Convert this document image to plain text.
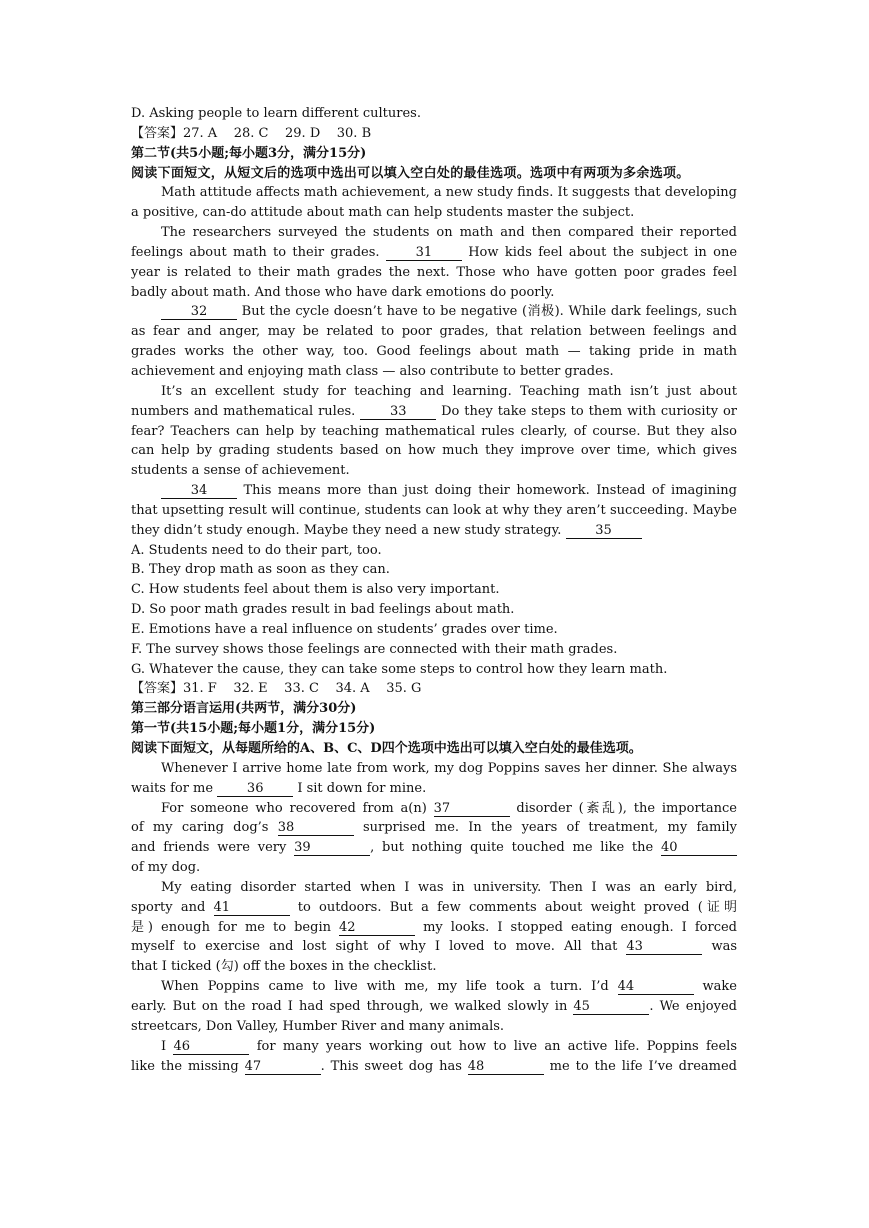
D. Asking people to learn different cultures.
【答案】27. A    28. C    29. D    30. B
第二节(共5小题;每小题3分，满分15分)
阅读下面短文，从短文后的选项中选出可以填入空白处的最佳选项。选项中有两项为多余选项。
Math attitude affects math achievement, a new study finds. It suggests that developing a positive, can-do attitude about math can help students master the subject.
The researchers surveyed the students on math and then compared their reported feelings about math to their grades.	31	How kids feel about the subject in one year is related to their math grades the next. Those who have gotten poor grades feel badly about math. And those who have dark emotions do poorly.
32	But the cycle doesn’t have to be negative (消极). While dark feelings, such as fear and anger, may be related to poor grades, that relation between feelings and grades works the other way, too. Good feelings about math — taking pride in math achievement and enjoying math class — also contribute to better grades.
It’s an excellent study for teaching and learning. Teaching math isn’t just about numbers and mathematical rules.	33	Do they take steps to them with curiosity or fear? Teachers can help by teaching mathematical rules clearly, of course. But they also can help by grading students based on how much they improve over time, which gives students a sense of achievement.
34	This means more than just doing their homework. Instead of imagining that upsetting result will continue, students can look at why they aren’t succeeding. Maybe they didn’t study enough. Maybe they need a new study strategy.	35
A. Students need to do their part, too.
B. They drop math as soon as they can.
C. How students feel about them is also very important.
D. So poor math grades result in bad feelings about math.
E. Emotions have a real influence on students’ grades over time.
F. The survey shows those feelings are connected with their math grades.
G. Whatever the cause, they can take some steps to control how they learn math.
【答案】31. F    32. E    33. C    34. A    35. G
第三部分语言运用(共两节，满分30分)
第一节(共15小题;每小题1分，满分15分)
阅读下面短文，从每题所给的A、B、C、D四个选项中选出可以填入空白处的最佳选项。
Whenever I arrive home late from work, my dog Poppins saves her dinner. She always
waits for me 36 I sit down for mine.
For someone who recovered from a(n) 37	disorder (紊乱), the importance
of my caring dog’s 38	surprised me. In the years of treatment, my family
and friends were very 39	, but nothing quite touched me like the 40
of my dog.
My eating disorder started when I was in university. Then I was an early bird,
sporty and 41	to outdoors. But a few comments about weight proved (证明
是) enough for me to begin 42	my looks. I stopped eating enough. I forced
myself to exercise and lost sight of why I loved to move. All that 43	was
that I ticked (勾) off the boxes in the checklist.
When Poppins came to live with me, my life took a turn. I’d 44	wake
early. But on the road I had sped through, we walked slowly in 45	. We enjoyed
streetcars, Don Valley, Humber River and many animals.
I 46	for many years working out how to live an active life. Poppins feels
like the missing 47	. This sweet dog has 48	me to the life I’ve dreamed
